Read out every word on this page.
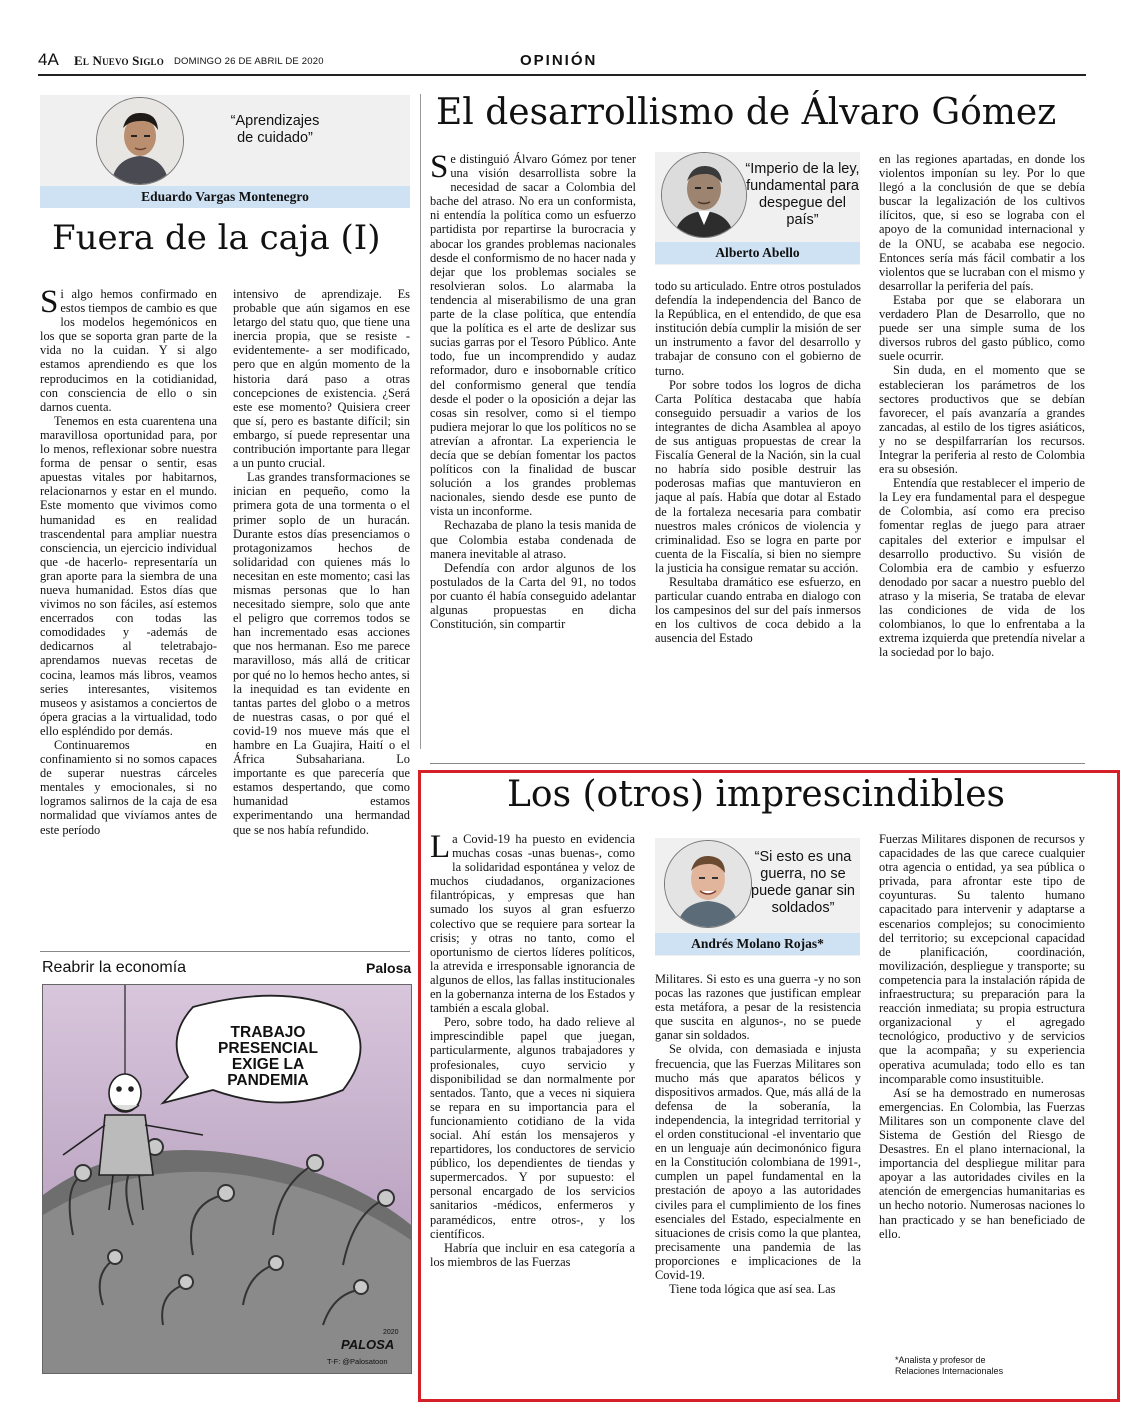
4A El Nuevo Siglo DOMINGO 26 DE ABRIL DE 2020	OPINIÓN
“Aprendizajes de cuidado”
Eduardo Vargas Montenegro
Fuera de la caja (I)
S i algo hemos confirmado en estos tiempos de cambio es que los modelos hegemónicos en los que se soporta gran parte de la vida no la cuidan. Y si algo estamos aprendiendo es que los reproducimos en la cotidianidad, con consciencia de ello o sin darnos cuenta.

Tenemos en esta cuarentena una maravillosa oportunidad para, por lo menos, reflexionar sobre nuestra forma de pensar o sentir, esas apuestas vitales por habitarnos, relacionarnos y estar en el mundo. Este momento que vivimos como humanidad es en realidad trascendental para ampliar nuestra consciencia, un ejercicio individual que -de hacerlo- representaría un gran aporte para la siembra de una nueva humanidad. Estos días que vivimos no son fáciles, así estemos encerrados con todas las comodidades y -además de dedicarnos al teletrabajo- aprendamos nuevas recetas de cocina, leamos más libros, veamos series interesantes, visitemos museos y asistamos a conciertos de ópera gracias a la virtualidad, todo ello espléndido por demás.

Continuaremos en confinamiento si no somos capaces de superar nuestras cárceles mentales y emocionales, si no logramos salirnos de la caja de esa normalidad que vivíamos antes de este período

intensivo de aprendizaje. Es probable que aún sigamos en ese letargo del statu quo, que tiene una inercia propia, que se resiste -evidentemente- a ser modificado, pero que en algún momento de la historia dará paso a otras concepciones de existencia. ¿Será este ese momento? Quisiera creer que sí, pero es bastante difícil; sin embargo, sí puede representar una contribución importante para llegar a un punto crucial.

Las grandes transformaciones se inician en pequeño, como la primera gota de una tormenta o el primer soplo de un huracán. Durante estos días presenciamos o protagonizamos hechos de solidaridad con quienes más lo necesitan en este momento; casi las mismas personas que lo han necesitado siempre, solo que ante el peligro que corremos todos se han incrementado esas acciones que nos hermanan. Eso me parece maravilloso, más allá de criticar por qué no lo hemos hecho antes, si la inequidad es tan evidente en tantas partes del globo o a metros de nuestras casas, o por qué el covid-19 nos mueve más que el hambre en La Guajira, Haití o el África Subsahariana. Lo importante es que parecería que estamos despertando, que como humanidad estamos experimentando una hermandad que se nos había refundido.

Reabrir la economía	Palosa
TRABAJO
PRESENCIAL
EXIGE LA
PANDEMIA
PALOSA
2020
T-F: @Palosatoon
El desarrollismo de Álvaro Gómez
S e distinguió Álvaro Gómez por tener una visión desarrollista sobre la necesidad de sacar a Colombia del bache del atraso. No era un conformista, ni entendía la política como un esfuerzo partidista por repartirse la burocracia y abocar los grandes problemas nacionales desde el conformismo de no hacer nada y dejar que los problemas sociales se resolvieran solos. Lo alarmaba la tendencia al miserabilismo de una gran parte de la clase política, que entendía que la política es el arte de deslizar sus sucias garras por el Tesoro Público. Ante todo, fue un incomprendido y audaz reformador, duro e insobornable crítico del conformismo general que tendía desde el poder o la oposición a dejar las cosas sin resolver, como si el tiempo pudiera mejorar lo que los políticos no se atrevían a afrontar. La experiencia le decía que se debían fomentar los pactos políticos con la finalidad de buscar solución a los grandes problemas nacionales, siendo desde ese punto de vista un inconforme.

Rechazaba de plano la tesis manida de que Colombia estaba condenada de manera inevitable al atraso.

Defendía con ardor algunos de los postulados de la Carta del 91, no todos por cuanto él había conseguido adelantar algunas propuestas en dicha Constitución, sin compartir

“Imperio de la ley, fundamental para despegue del país”
Alberto Abello

todo su articulado. Entre otros postulados defendía la independencia del Banco de la República, en el entendido, de que esa institución debía cumplir la misión de ser un instrumento a favor del desarrollo y trabajar de consuno con el gobierno de turno.

Por sobre todos los logros de dicha Carta Política destacaba que había conseguido persuadir a varios de los integrantes de dicha Asamblea al apoyo de sus antiguas propuestas de crear la Fiscalía General de la Nación, sin la cual no habría sido posible destruir las poderosas mafias que mantuvieron en jaque al país. Había que dotar al Estado de la fortaleza necesaria para combatir nuestros males crónicos de violencia y criminalidad. Eso se logra en parte por cuenta de la Fiscalía, si bien no siempre la justicia ha consigue rematar su acción.

Resultaba dramático ese esfuerzo, en particular cuando entraba en dialogo con los campesinos del sur del país inmersos en los cultivos de coca debido a la ausencia del Estado

en las regiones apartadas, en donde los violentos imponían su ley. Por lo que llegó a la conclusión de que se debía buscar la legalización de los cultivos ilícitos, que, si eso se lograba con el apoyo de la comunidad internacional y de la ONU, se acababa ese negocio. Entonces sería más fácil combatir a los violentos que se lucraban con el mismo y desarrollar la periferia del país.

Estaba por que se elaborara un verdadero Plan de Desarrollo, que no puede ser una simple suma de los diversos rubros del gasto público, como suele ocurrir.

Sin duda, en el momento que se establecieran los parámetros de los sectores productivos que se debían favorecer, el país avanzaría a grandes zancadas, al estilo de los tigres asiáticos, y no se despilfarrarían los recursos. Integrar la periferia al resto de Colombia era su obsesión.

Entendía que restablecer el imperio de la Ley era fundamental para el despegue de Colombia, así como era preciso fomentar reglas de juego para atraer capitales del exterior e impulsar el desarrollo productivo. Su visión de Colombia era de cambio y esfuerzo denodado por sacar a nuestro pueblo del atraso y la miseria, Se trataba de elevar las condiciones de vida de los colombianos, lo que lo enfrentaba a la extrema izquierda que pretendía nivelar a la sociedad por lo bajo.

Los (otros) imprescindibles
L a Covid-19 ha puesto en evidencia muchas cosas -unas buenas-, como la solidaridad espontánea y veloz de muchos ciudadanos, organizaciones filantrópicas, y empresas que han sumado los suyos al gran esfuerzo colectivo que se requiere para sortear la crisis; y otras no tanto, como el oportunismo de ciertos líderes políticos, la atrevida e irresponsable ignorancia de algunos de ellos, las fallas institucionales en la gobernanza interna de los Estados y también a escala global.

Pero, sobre todo, ha dado relieve al imprescindible papel que juegan, particularmente, algunos trabajadores y profesionales, cuyo servicio y disponibilidad se dan normalmente por sentados. Tanto, que a veces ni siquiera se repara en su importancia para el funcionamiento cotidiano de la vida social. Ahí están los mensajeros y repartidores, los conductores de servicio público, los dependientes de tiendas y supermercados. Y por supuesto: el personal encargado de los servicios sanitarios -médicos, enfermeros y paramédicos, entre otros-, y los científicos.

Habría que incluir en esa categoría a los miembros de las Fuerzas

“Si esto es una guerra, no se puede ganar sin soldados”
Andrés Molano Rojas*

Militares. Si esto es una guerra -y no son pocas las razones que justifican emplear esta metáfora, a pesar de la resistencia que suscita en algunos-, no se puede ganar sin soldados.

Se olvida, con demasiada e injusta frecuencia, que las Fuerzas Militares son mucho más que aparatos bélicos y dispositivos armados. Que, más allá de la defensa de la soberanía, la independencia, la integridad territorial y el orden constitucional -el inventario que en un lenguaje aún decimonónico figura en la Constitución colombiana de 1991-, cumplen un papel fundamental en la prestación de apoyo a las autoridades civiles para el cumplimiento de los fines esenciales del Estado, especialmente en situaciones de crisis como la que plantea, precisamente una pandemia de las proporciones e implicaciones de la Covid-19.

Tiene toda lógica que así sea. Las

Fuerzas Militares disponen de recursos y capacidades de las que carece cualquier otra agencia o entidad, ya sea pública o privada, para afrontar este tipo de coyunturas. Su talento humano capacitado para intervenir y adaptarse a escenarios complejos; su conocimiento del territorio; su excepcional capacidad de planificación, coordinación, movilización, despliegue y transporte; su competencia para la instalación rápida de infraestructura; su preparación para la reacción inmediata; su propia estructura organizacional y el agregado tecnológico, productivo y de servicios que la acompaña; y su experiencia operativa acumulada; todo ello es tan incomparable como insustituible.

Así se ha demostrado en numerosas emergencias. En Colombia, las Fuerzas Militares son un componente clave del Sistema de Gestión del Riesgo de Desastres. En el plano internacional, la importancia del despliegue militar para apoyar a las autoridades civiles en la atención de emergencias humanitarias es un hecho notorio. Numerosas naciones lo han practicado y se han beneficiado de ello.

*Analista y profesor de
Relaciones Internacionales
